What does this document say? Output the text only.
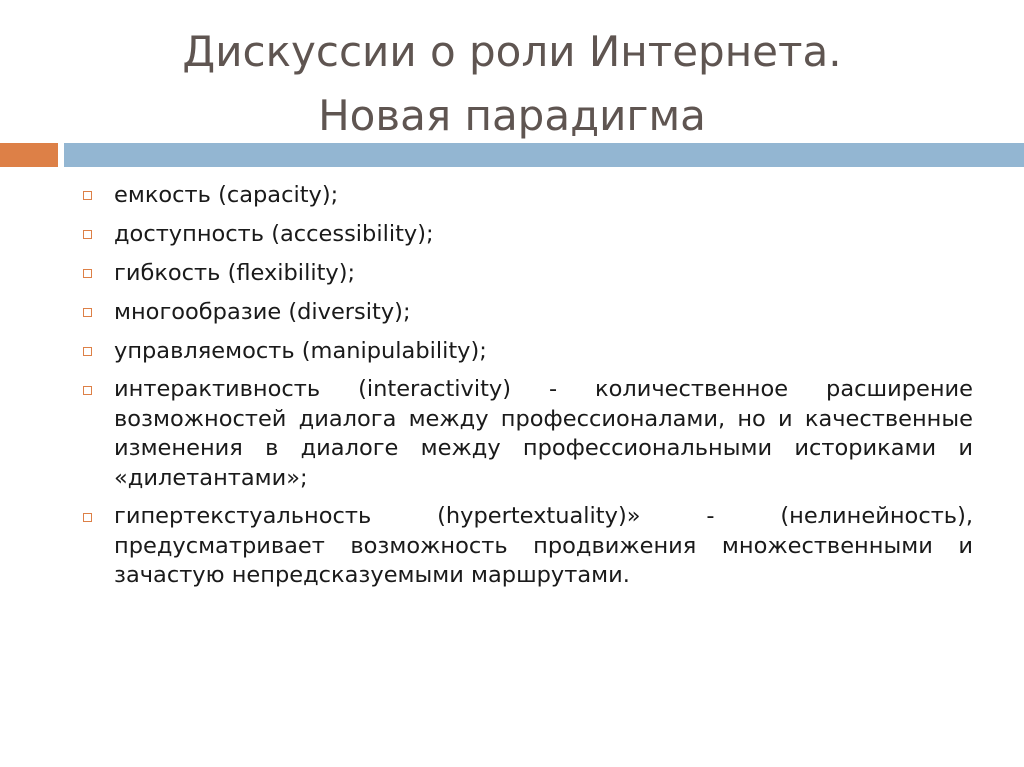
Дискуссии о роли Интернета.
Новая парадигма
емкость (capacity);
доступность (accessibility);
гибкость (flexibility);
многообразие (diversity);
управляемость (manipulability);
интерактивность (interactivity) - количественное расширение возможностей диалога между профессионалами, но и качественные изменения в диалоге между профессиональными историками и «дилетантами»;
гипертекстуальность (hypertextuality)» - (нелинейность), предусматривает возможность продвижения множественными и зачастую непредсказуемыми маршрутами.
